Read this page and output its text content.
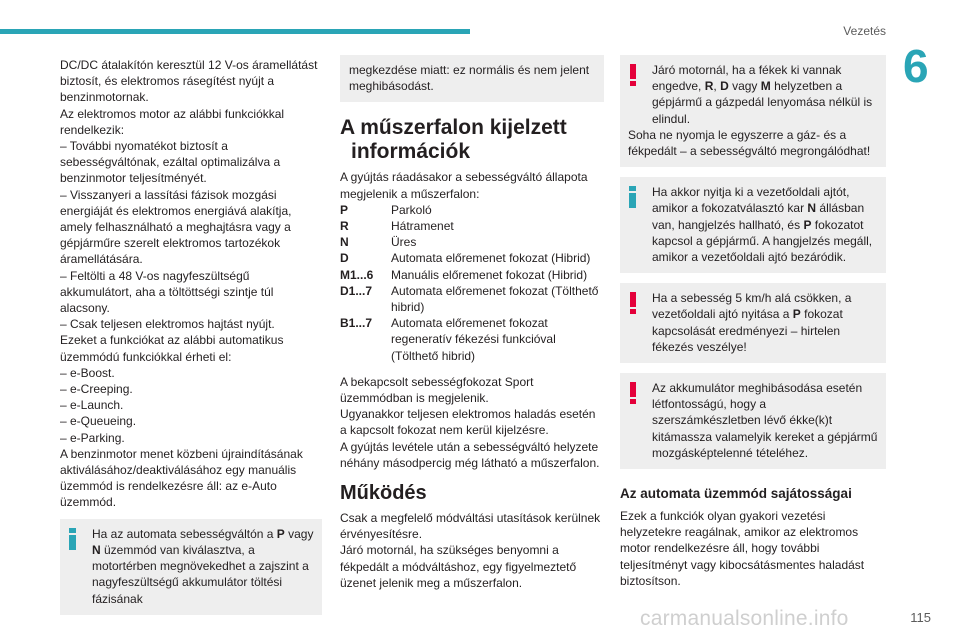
Vezetés
6

DC/DC átalakítón keresztül 12 V-os áramellátást biztosít, és elektromos rásegítést nyújt a benzinmotornak.

Az elektromos motor az alábbi funkciókkal rendelkezik:

– További nyomatékot biztosít a sebességváltónak, ezáltal optimalizálva a benzinmotor teljesítményét.

– Visszanyeri a lassítási fázisok mozgási energiáját és elektromos energiává alakítja, amely felhasználható a meghajtásra vagy a gépjárműre szerelt elektromos tartozékok áramellátására.

– Feltölti a 48 V-os nagyfeszültségű akkumulátort, aha a töltöttségi szintje túl alacsony.

– Csak teljesen elektromos hajtást nyújt.

Ezeket a funkciókat az alábbi automatikus üzemmódú funkciókkal érheti el:

– e-Boost.

– e-Creeping.

– e-Launch.

– e-Queueing.

– e-Parking.

A benzinmotor menet közbeni újraindításának aktiválásához/deaktiválásához egy manuális üzemmód is rendelkezésre áll: az e-Auto üzemmód.

Ha az automata sebességváltón a P vagy N üzemmód van kiválasztva, a motortérben megnövekedhet a zajszint a nagyfeszültségű akkumulátor töltési fázisának

megkezdése miatt: ez normális és nem jelent meghibásodást.

A műszerfalon kijelzett
információk

A gyújtás ráadásakor a sebességváltó állapota megjelenik a műszerfalon:

P	Parkoló
R	Hátramenet
N	Üres
D	Automata előremenet fokozat (Hibrid)
M1...6	Manuális előremenet fokozat (Hibrid)
D1...7	Automata előremenet fokozat (Tölthető hibrid)
B1...7	Automata előremenet fokozat regeneratív fékezési funkcióval (Tölthető hibrid)

A bekapcsolt sebességfokozat Sport üzemmódban is megjelenik.

Ugyanakkor teljesen elektromos haladás esetén a kapcsolt fokozat nem kerül kijelzésre.

A gyújtás levétele után a sebességváltó helyzete néhány másodpercig még látható a műszerfalon.

Működés

Csak a megfelelő módváltási utasítások kerülnek érvényesítésre.

Járó motornál, ha szükséges benyomni a fékpedált a módváltáshoz, egy figyelmeztető üzenet jelenik meg a műszerfalon.

Járó motornál, ha a fékek ki vannak engedve, R, D vagy M helyzetben a gépjármű a gázpedál lenyomása nélkül is elindul.

Soha ne nyomja le egyszerre a gáz- és a fékpedált – a sebességváltó megrongálódhat!

Ha akkor nyitja ki a vezetőoldali ajtót, amikor a fokozatválasztó kar N állásban van, hangjelzés hallható, és P fokozatot kapcsol a gépjármű. A hangjelzés megáll, amikor a vezetőoldali ajtó bezáródik.

Ha a sebesség 5 km/h alá csökken, a vezetőoldali ajtó nyitása a P fokozat kapcsolását eredményezi – hirtelen fékezés veszélye!

Az akkumulátor meghibásodása esetén létfontosságú, hogy a szerszámkészletben lévő ékke(k)t kitámassza valamelyik kereket a gépjármű mozgásképtelenné tételéhez.

Az automata üzemmód sajátosságai

Ezek a funkciók olyan gyakori vezetési helyzetekre reagálnak, amikor az elektromos motor rendelkezésre áll, hogy további teljesítményt vagy kibocsátásmentes haladást biztosítson.

carmanualsonline.info	115
